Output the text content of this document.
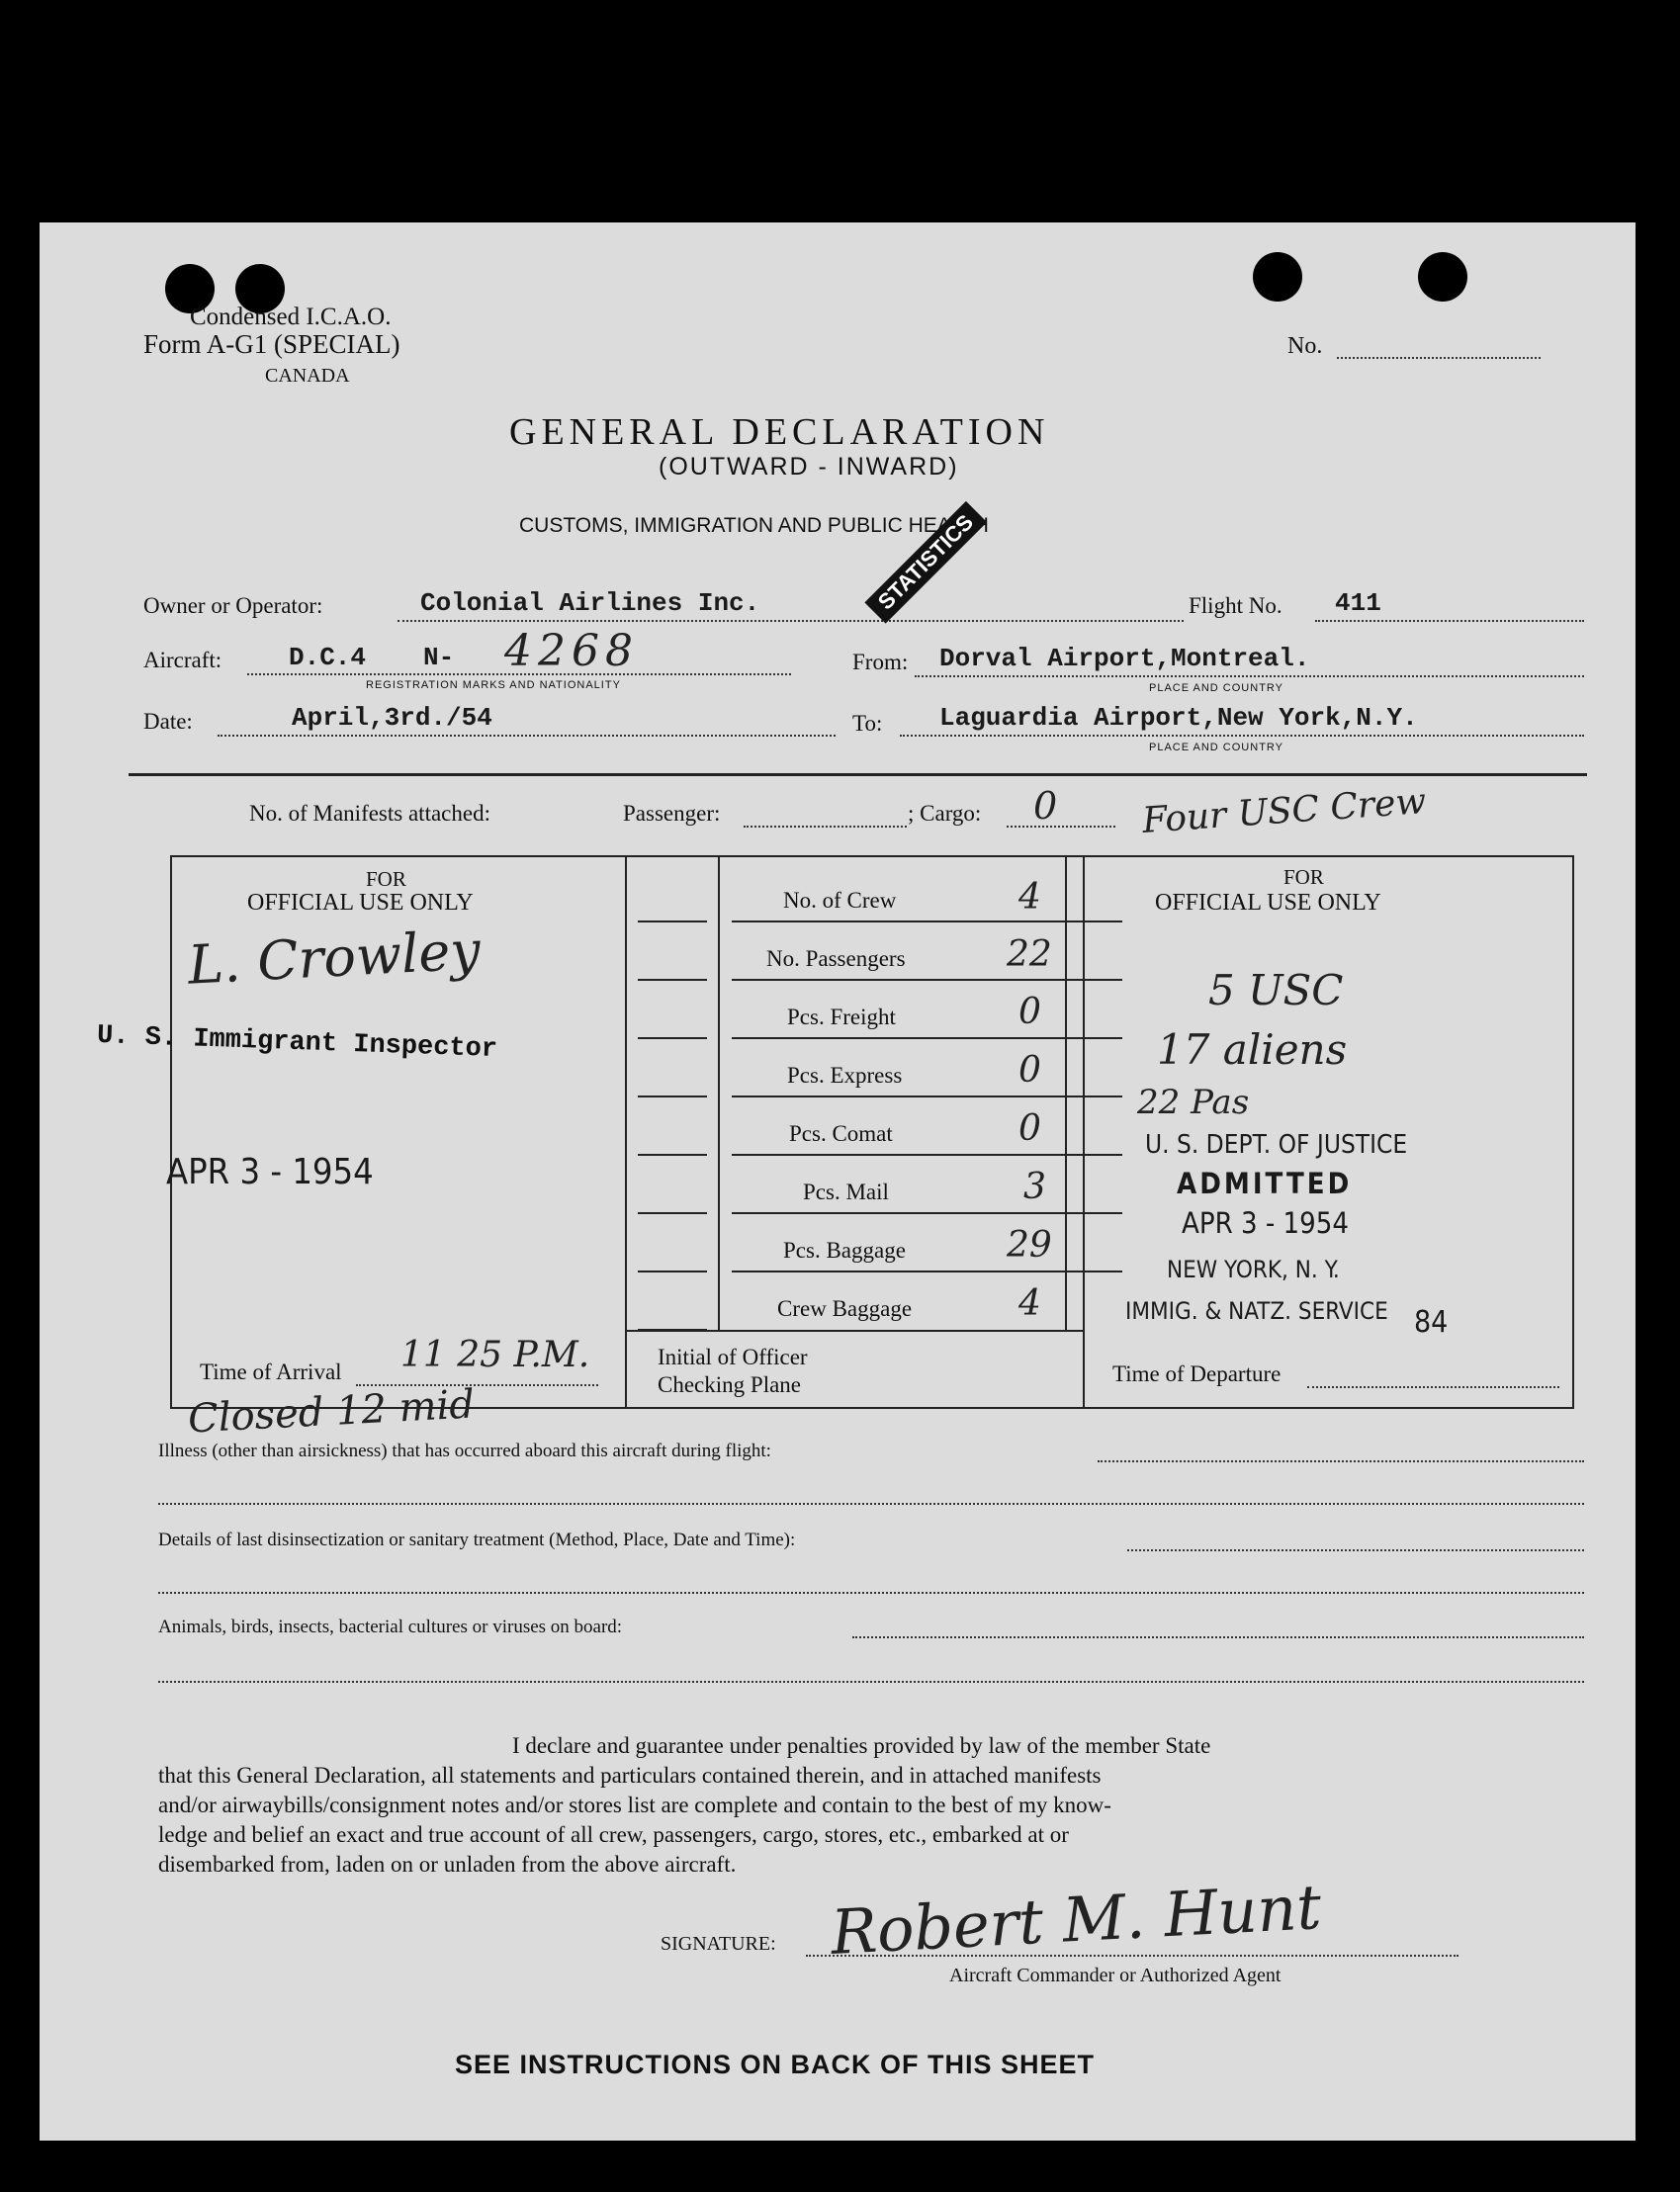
Condensed I.C.A.O.
Form A-G1 (SPECIAL)
CANADA
No.
GENERAL DECLARATION
(OUTWARD - INWARD)
CUSTOMS, IMMIGRATION AND PUBLIC HEALTH
Owner or Operator:	Colonial Airlines Inc.	Flight No. 411
Aircraft:	D.C.4 N- 4268
REGISTRATION MARKS AND NATIONALITY
From: Dorval Airport,Montreal.
PLACE AND COUNTRY
STATISTICS
Date:	April,3rd./54	To: Laguardia Airport,New York,N.Y.
PLACE AND COUNTRY
No. of Manifests attached:	Passenger:	; Cargo: 0 Four USC Crew
FOR
OFFICIAL USE ONLY
L. Crowley
U. S. Immigrant Inspector
APR 3 - 1954
Time of Arrival 11 25 P.M.
No. of Crew	4
No. Passengers	22
Pcs. Freight	0
Pcs. Express	0
Pcs. Comat	0
Pcs. Mail	3
Pcs. Baggage	29
Crew Baggage	4
Initial of Officer
Checking Plane
FOR
OFFICIAL USE ONLY
5 USC
17 aliens
22 Pas
U. S. DEPT. OF JUSTICE
ADMITTED
APR 3 - 1954
NEW YORK, N. Y.
IMMIG. & NATZ. SERVICE 84
Time of Departure
Closed 12 mid
Illness (other than airsickness) that has occurred aboard this aircraft during flight:
Details of last disinsectization or sanitary treatment (Method, Place, Date and Time):
Animals, birds, insects, bacterial cultures or viruses on board:
I declare and guarantee under penalties provided by law of the member State
that this General Declaration, all statements and particulars contained therein, and in attached manifests
and/or airwaybills/consignment notes and/or stores list are complete and contain to the best of my know-
ledge and belief an exact and true account of all crew, passengers, cargo, stores, etc., embarked at or
disembarked from, laden on or unladen from the above aircraft.
SIGNATURE: Robert M. Hunt
Aircraft Commander or Authorized Agent
SEE INSTRUCTIONS ON BACK OF THIS SHEET
